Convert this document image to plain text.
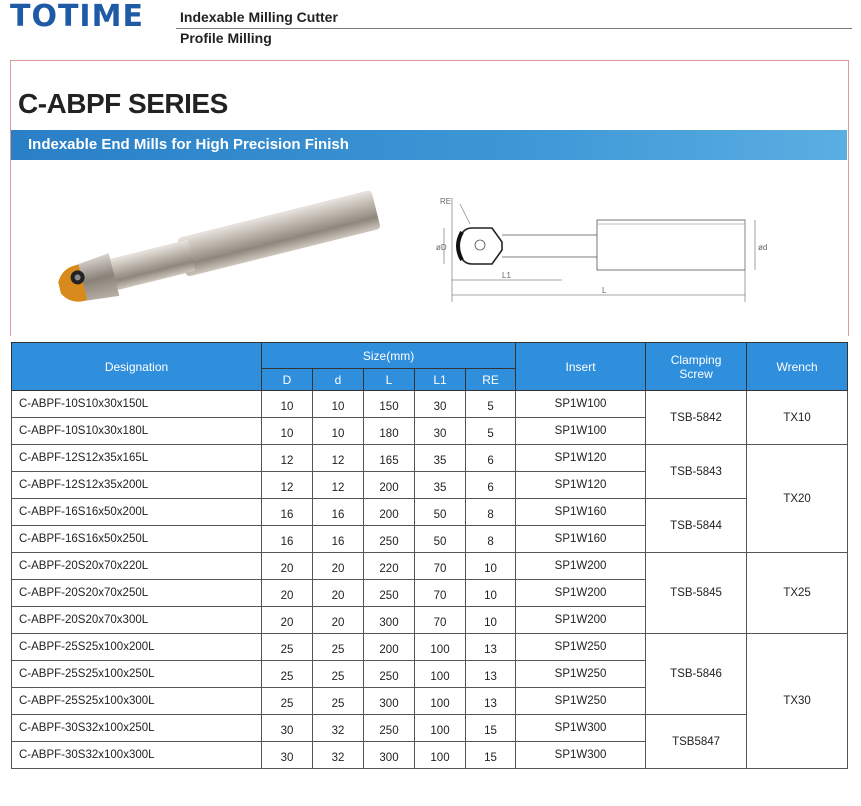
TOTIME	Indexable Milling Cutter
Profile Milling
C-ABPF SERIES
Indexable End Mills for High Precision Finish
RE
øD	ød
L1
L
Designation	Size(mm)					Insert	Clamping
Screw	Wrench
	D	d	L	L1	RE			
C-ABPF-10S10x30x150L	10	10	150	30	5	SP1W100	TSB-5842	TX10
C-ABPF-10S10x30x180L	10	10	180	30	5	SP1W100		
C-ABPF-12S12x35x165L	12	12	165	35	6	SP1W120	TSB-5843	TX20
C-ABPF-12S12x35x200L	12	12	200	35	6	SP1W120		
C-ABPF-16S16x50x200L	16	16	200	50	8	SP1W160	TSB-5844	
C-ABPF-16S16x50x250L	16	16	250	50	8	SP1W160		
C-ABPF-20S20x70x220L	20	20	220	70	10	SP1W200	TSB-5845	TX25
C-ABPF-20S20x70x250L	20	20	250	70	10	SP1W200		
C-ABPF-20S20x70x300L	20	20	300	70	10	SP1W200		
C-ABPF-25S25x100x200L	25	25	200	100	13	SP1W250	TSB-5846	TX30
C-ABPF-25S25x100x250L	25	25	250	100	13	SP1W250		
C-ABPF-25S25x100x300L	25	25	300	100	13	SP1W250		
C-ABPF-30S32x100x250L	30	32	250	100	15	SP1W300	TSB5847	
C-ABPF-30S32x100x300L	30	32	300	100	15	SP1W300		
